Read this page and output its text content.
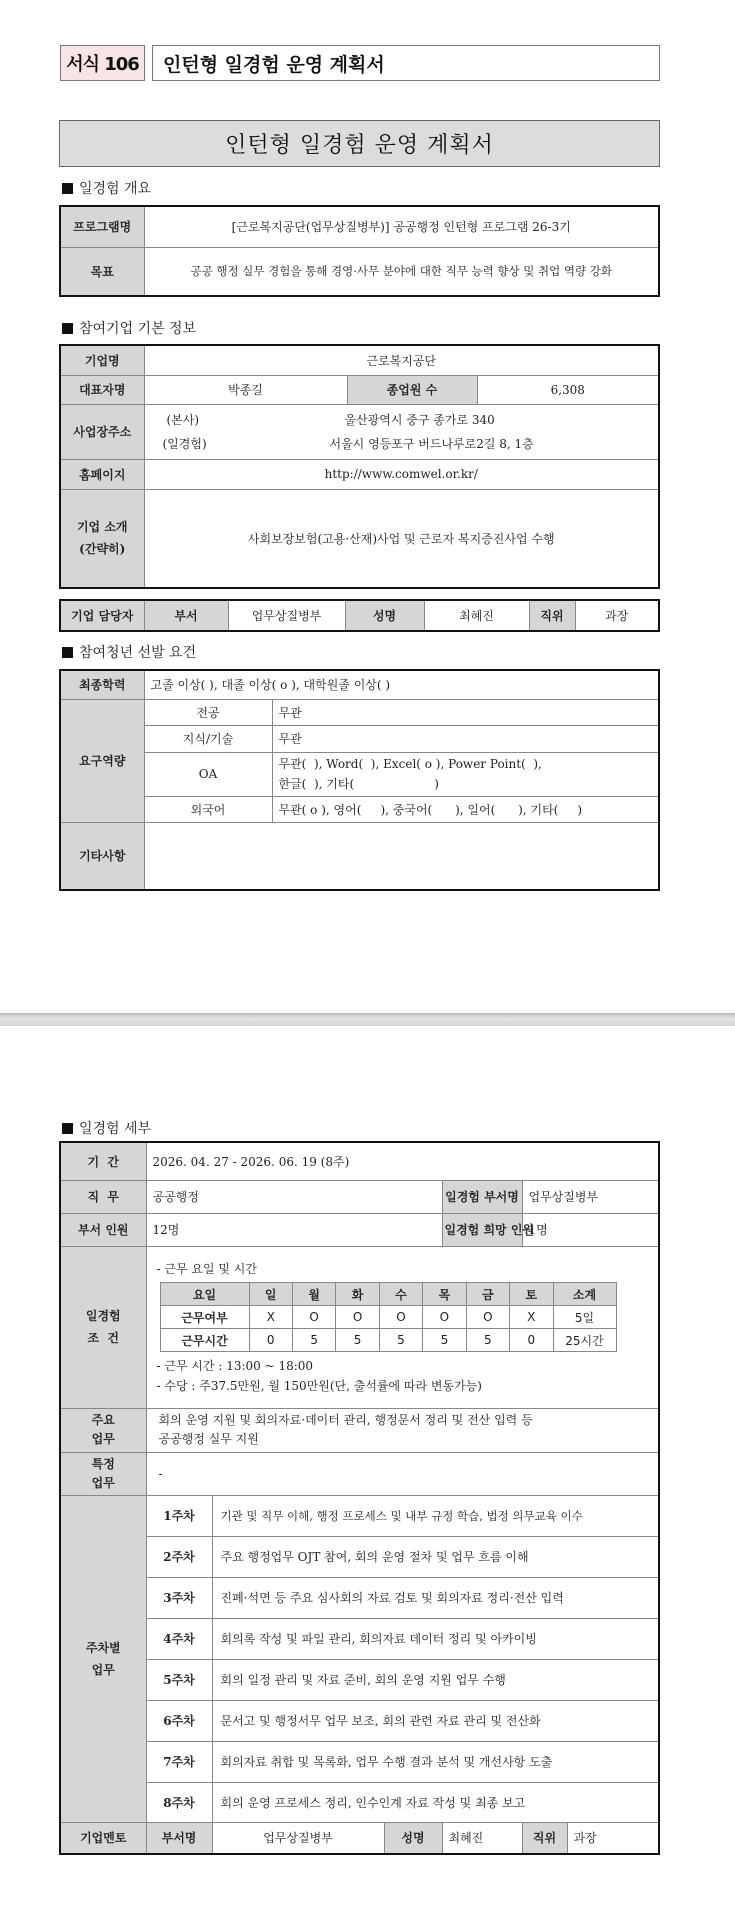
서식 106	인턴형 일경험 운영 계획서
인턴형 일경험 운영 계획서
일경험 개요
프로그램명	[근로복지공단(업무상질병부)] 공공행정 인턴형 프로그램 26-3기
목표	공공 행정 실무 경험을 통해 경영·사무 분야에 대한 직무 능력 향상 및 취업 역량 강화
참여기업 기본 정보
기업명	근로복지공단		
대표자명	박종길	종업원 수	6,308
사업장주소	(본사) 울산광역시 중구 종가로 340
(일경험) 서울시 영등포구 버드나루로2길 8, 1층		

홈페이지	http://www.comwel.or.kr/		

기업 소개
(간략히)	사회보장보험(고용·산재)사업 및 근로자 복지증진사업 수행		
기업 담당자	부서	업무상질병부	성명	최혜진	직위	과장
참여청년 선발 요건
최종학력	고졸 이상( ), 대졸 이상( o ), 대학원졸 이상( )	
요구역량	전공	무관
	지식/기술	무관
	OA	무관(  ), Word(  ), Excel( o ), Power Point(  ),
한글(  ), 기타(                     )

	외국어	무관( o ), 영어(     ), 중국어(      ), 일어(      ), 기타(     )
기타사항		
일경험 세부
기  간	2026. 04. 27 - 2026. 06. 19 (8주)
직  무	공공행정	일경험 부서명	업무상질병부
부서 인원	12명	일경험 희망 인원	1명

일경험
조  건

- 근무 요일 및 시간
요일	일	월	화	수	목	금	토	소계
근무여부	X	O	O	O	O	O	X	5일
근무시간	0	5	5	5	5	5	0	25시간
- 근무 시간 : 13:00 ~ 18:00
- 수당 : 주37.5만원, 월 150만원(단, 출석률에 따라 변동가능)

주요
업무

회의 운영 지원 및 회의자료·데이터 관리, 행정문서 정리 및 전산 입력 등
공공행정 실무 지원

특정
업무
	-

주차별
업무
	1주차	기관 및 직무 이해, 행정 프로세스 및 내부 규정 학습, 법정 의무교육 이수
2주차	주요 행정업무 OJT 참여, 회의 운영 절차 및 업무 흐름 이해
3주차	진폐·석면 등 주요 심사회의 자료 검토 및 회의자료 정리·전산 입력
4주차	회의록 작성 및 파일 관리, 회의자료 데이터 정리 및 아카이빙
5주차	회의 일정 관리 및 자료 준비, 회의 운영 지원 업무 수행
6주차	문서고 및 행정서무 업무 보조, 회의 관련 자료 관리 및 전산화
7주차	회의자료 취합 및 목록화, 업무 수행 결과 분석 및 개선사항 도출
8주차	회의 운영 프로세스 정리, 인수인계 자료 작성 및 최종 보고
기업멘토	부서명	업무상질병부	성명	최혜진	직위	과장
